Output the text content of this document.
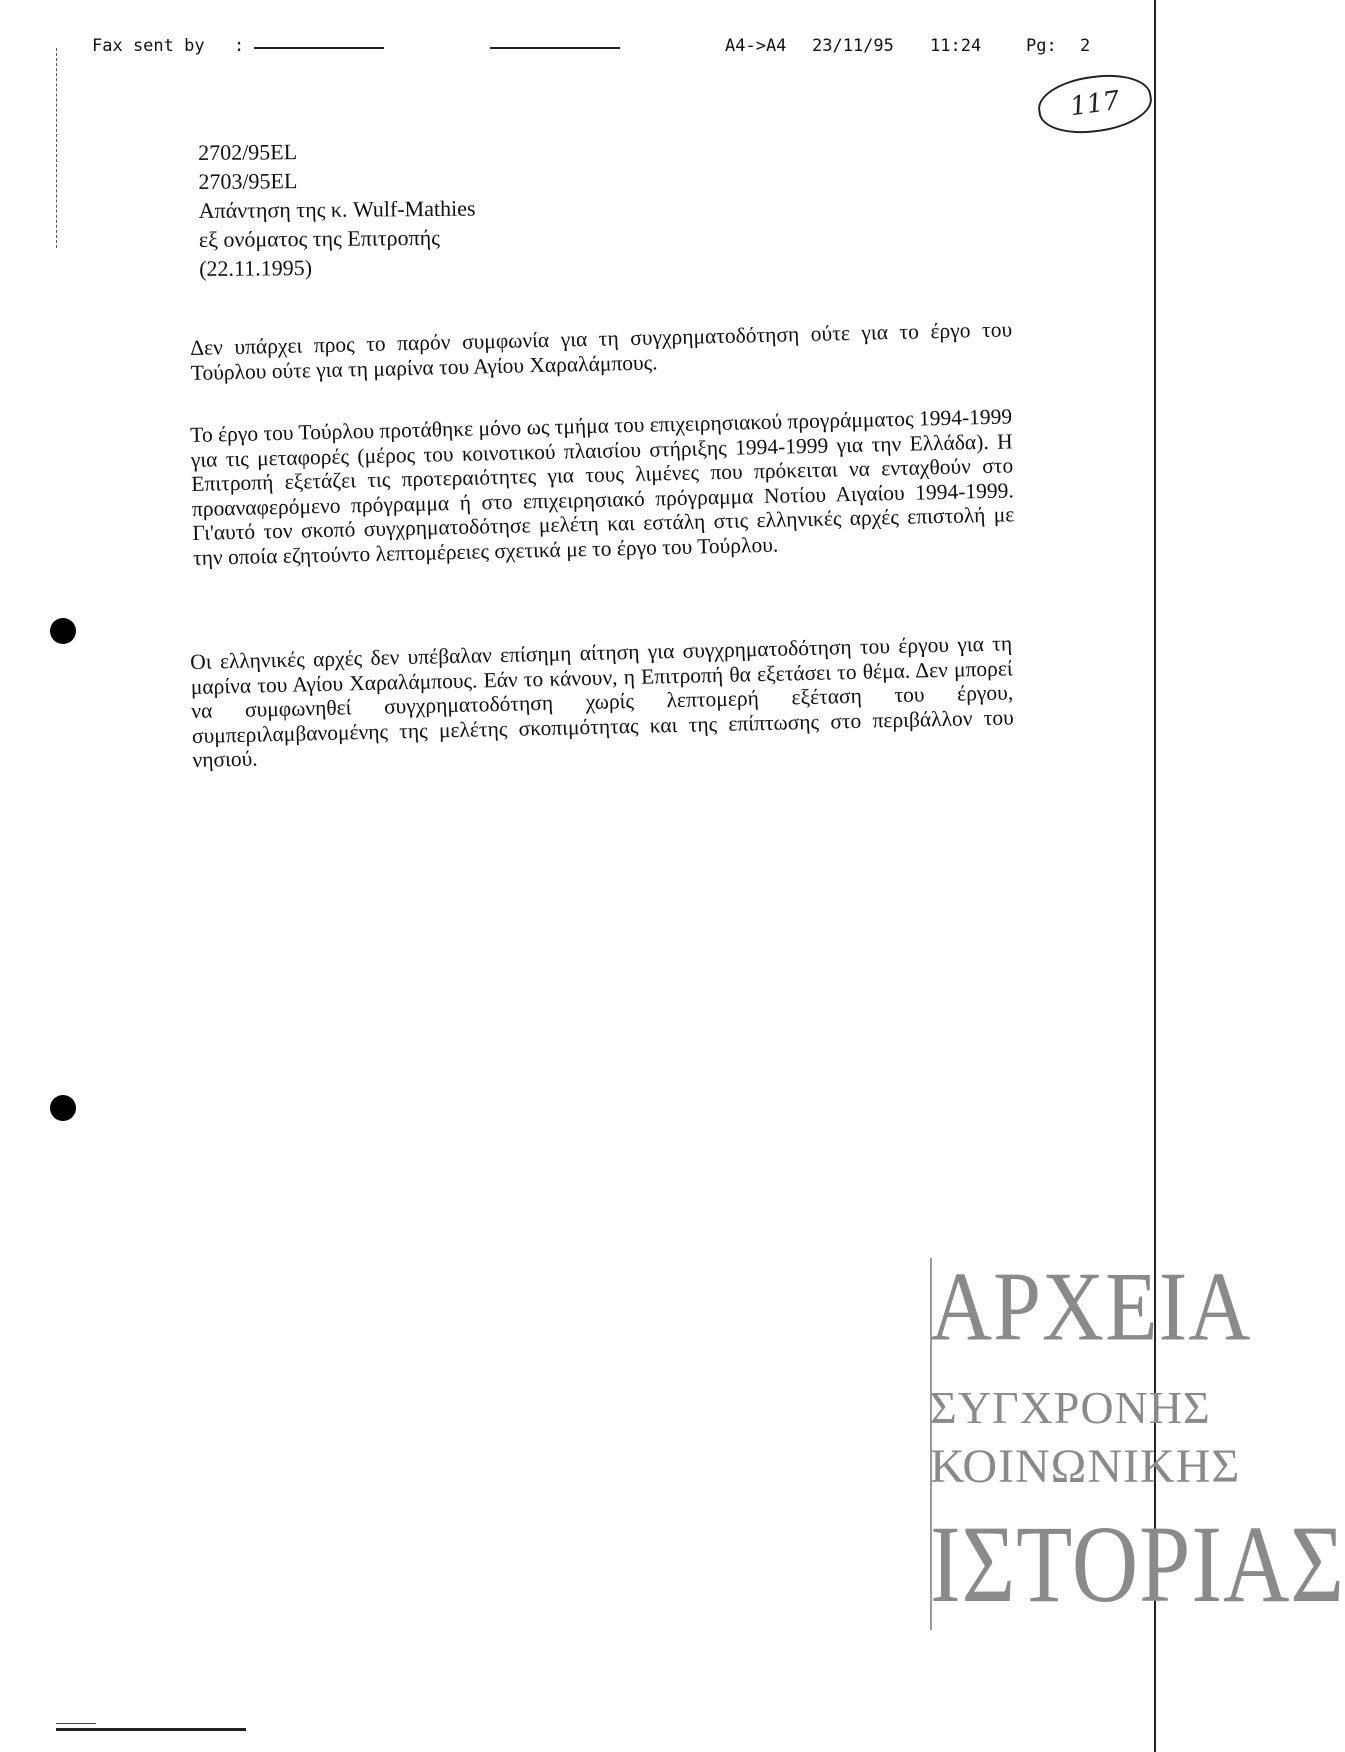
Fax sent by :	A4->A4 23/11/95 11:24	Pg: 2
117
2702/95EL
2703/95EL
Απάντηση της κ. Wulf-Mathies
εξ ονόματος της Επιτροπής
(22.11.1995)
Δεν υπάρχει προς το παρόν συμφωνία για τη συγχρηματοδότηση ούτε για το έργο του Τούρλου ούτε για τη μαρίνα του Αγίου Χαραλάμπους.
Το έργο του Τούρλου προτάθηκε μόνο ως τμήμα του επιχειρησιακού προγράμματος 1994-1999 για τις μεταφορές (μέρος του κοινοτικού πλαισίου στήριξης 1994-1999 για την Ελλάδα). Η Επιτροπή εξετάζει τις προτεραιότητες για τους λιμένες που πρόκειται να ενταχθούν στο προαναφερόμενο πρόγραμμα ή στο επιχειρησιακό πρόγραμμα Νοτίου Αιγαίου 1994-1999. Γι'αυτό τον σκοπό συγχρηματοδότησε μελέτη και εστάλη στις ελληνικές αρχές επιστολή με την οποία εζητούντο λεπτομέρειες σχετικά με το έργο του Τούρλου.
Οι ελληνικές αρχές δεν υπέβαλαν επίσημη αίτηση για συγχρηματοδότηση του έργου για τη μαρίνα του Αγίου Χαραλάμπους. Εάν το κάνουν, η Επιτροπή θα εξετάσει το θέμα. Δεν μπορεί να συμφωνηθεί συγχρηματοδότηση χωρίς λεπτομερή εξέταση του έργου, συμπεριλαμβανομένης της μελέτης σκοπιμότητας και της επίπτωσης στο περιβάλλον του νησιού.
ΑΡΧΕΙΑ
ΣΥΓΧΡΟΝΗΣ
ΚΟΙΝΩΝΙΚΗΣ
ΙΣΤΟΡΙΑΣ
